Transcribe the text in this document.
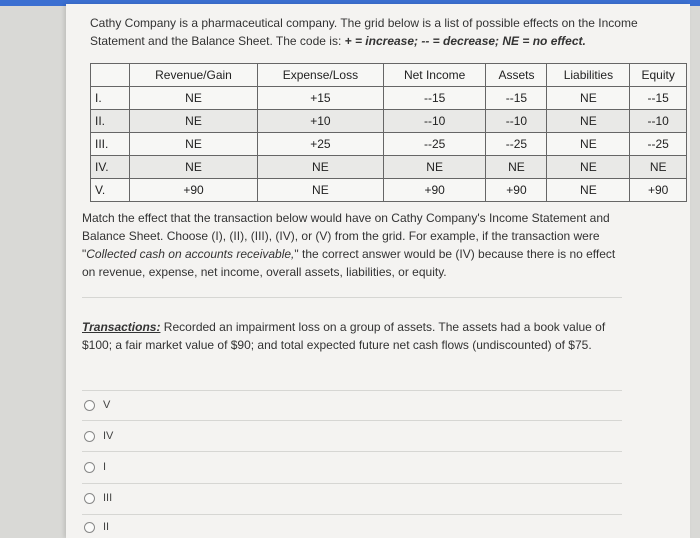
Cathy Company is a pharmaceutical company. The grid below is a list of possible effects on the Income Statement and the Balance Sheet. The code is: + = increase; -- = decrease; NE = no effect.
	Revenue/Gain	Expense/Loss	Net Income	Assets	Liabilities	Equity
I.	NE	+15	--15	--15	NE	--15
II.	NE	+10	--10	--10	NE	--10
III.	NE	+25	--25	--25	NE	--25
IV.	NE	NE	NE	NE	NE	NE
V.	+90	NE	+90	+90	NE	+90
Match the effect that the transaction below would have on Cathy Company's Income Statement and Balance Sheet. Choose (I), (II), (III), (IV), or (V) from the grid. For example, if the transaction were "Collected cash on accounts receivable," the correct answer would be (IV) because there is no effect on revenue, expense, net income, overall assets, liabilities, or equity.
Transactions: Recorded an impairment loss on a group of assets. The assets had a book value of $100; a fair market value of $90; and total expected future net cash flows (undiscounted) of $75.
V
IV
I
III
II
